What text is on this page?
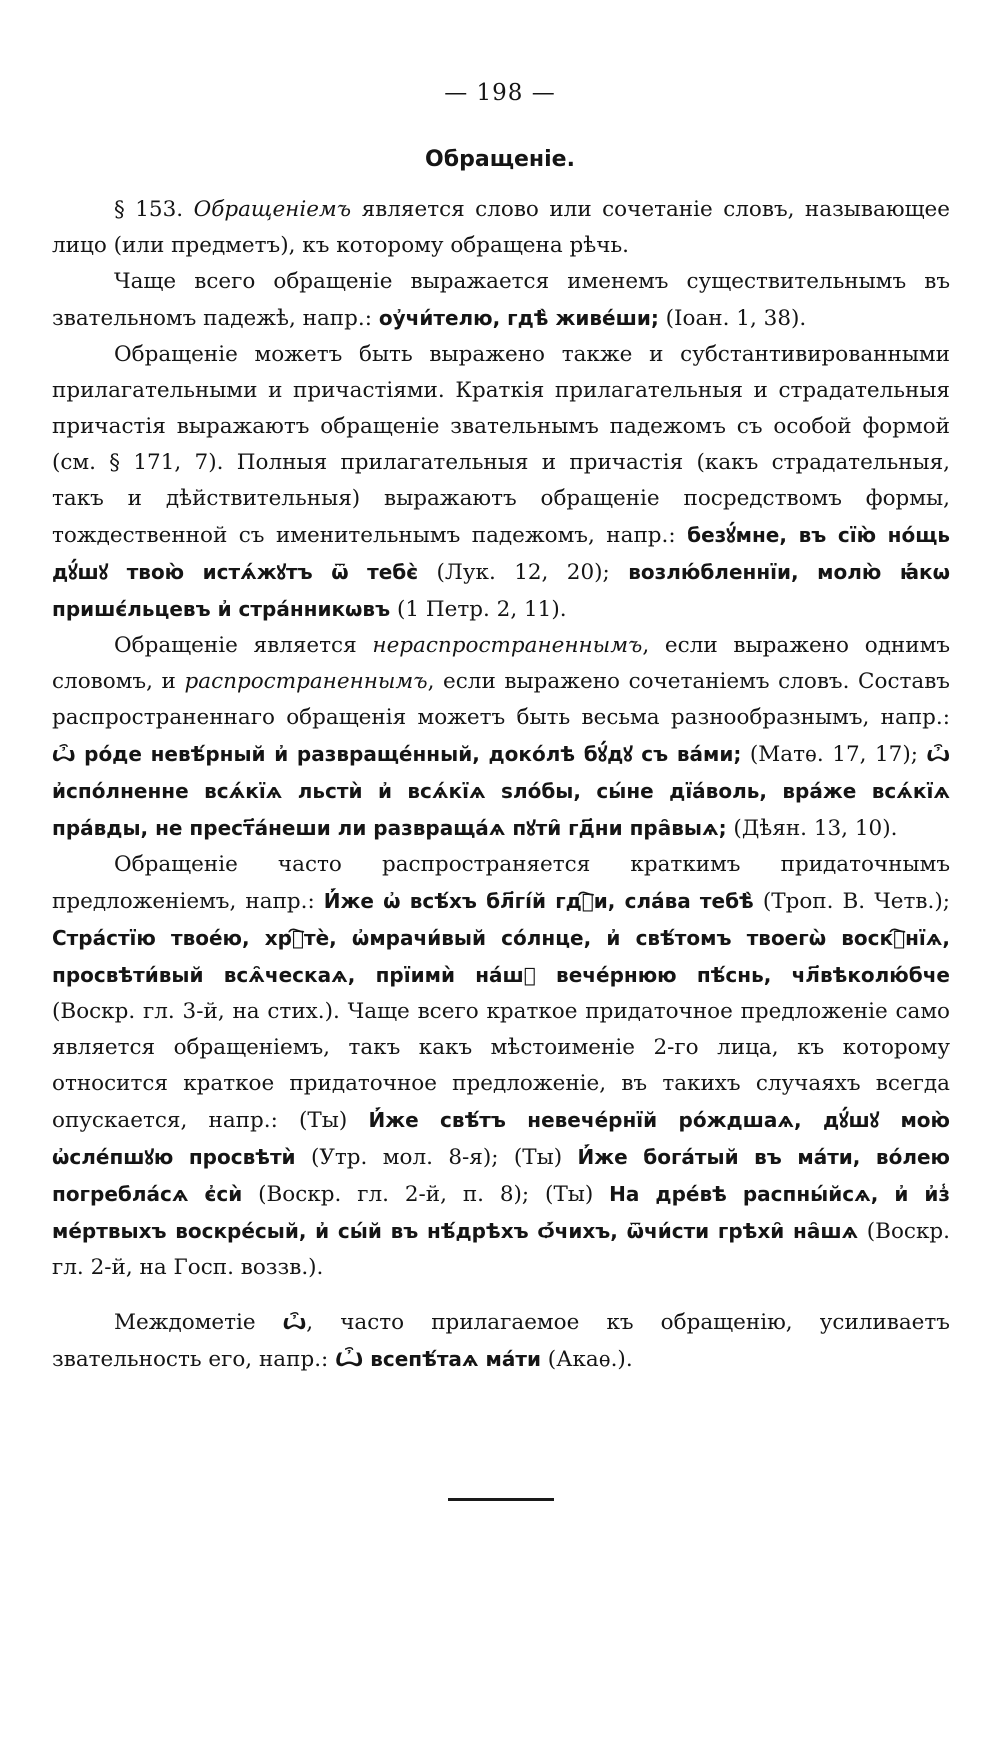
— 198 —
Обращеніе.

§ 153. Обращеніемъ является слово или сочетаніе словъ, называющее лицо (или предметъ), къ которому обращена рѣчь.

Чаще всего обращеніе выражается именемъ существительнымъ въ звательномъ падежѣ, напр.: оу҆чи́телю, гдѣ̀ живе́ши; (Іоан. 1, 38).

Обращеніе можетъ быть выражено также и субстантивированными прилагательными и причастіями. Краткія прилагательныя и страдательныя причастія выражаютъ обращеніе звательнымъ падежомъ съ особой формой (см. § 171, 7). Полныя прилагательныя и причастія (какъ страдательныя, такъ и дѣйствительныя) выражаютъ обращеніе посредствомъ формы, тождественной съ именительнымъ падежомъ, напр.: безꙋ́мне, въ сїю̀ но́щь дꙋ́шꙋ твою̀ истѧ́жꙋтъ ѿ тебє̀ (Лук. 12, 20); возлю́бленнїи, молю̀ ꙗ҆́кѡ пришє́льцевъ и҆ стра́нникѡвъ (1 Петр. 2, 11).

Обращеніе является нераспространеннымъ, если выражено однимъ словомъ, и распространеннымъ, если выражено сочетаніемъ словъ. Составъ распространеннаго обращенія можетъ быть весьма разнообразнымъ, напр.: ѽ ро́де невѣ́рный и҆ развраще́нный, доко́лѣ бꙋ́дꙋ съ ва́ми; (Матѳ. 17, 17); ѽ и҆спо́лненне всѧ́кїѧ льстѝ и҆ всѧ́кїѧ ѕло́бы, сы́не дїа́воль, вра́же всѧ́кїѧ пра́вды, не прест҃а́неши ли развраща́ѧ пꙋти̑ гд҃ни пра̑выѧ; (Дѣян. 13, 10).

Обращеніе часто распространяется краткимъ придаточнымъ предложеніемъ, напр.: И҆́же ѡ҆ всѣ́хъ бл҃гі́й гдⷭ҇и, сла́ва тебѣ̀ (Троп. В. Четв.); Стра́стїю твое́ю, хрⷭ҇тѐ, ѡ҆мрачи́вый со́лнце, и҆ свѣ́томъ твоегѡ̀ воскⷭ҇нїѧ, просвѣти́вый всѧ̑ческаѧ, прїимѝ на́шꙋ вече́рнюю пѣ́снь, чл҃вѣколю́бче (Воскр. гл. 3-й, на стих.). Чаще всего краткое придаточное предложеніе само является обращеніемъ, такъ какъ мѣстоименіе 2-го лица, къ которому относится краткое придаточное предложеніе, въ такихъ случаяхъ всегда опускается, напр.: (Ты) И҆́же свѣ́тъ невече́рнїй ро́ждшаѧ, дꙋ́шꙋ мою̀ ѡ҆сле́пшꙋю просвѣтѝ (Утр. мол. 8-я); (Ты) И҆́же бога́тый въ ма́ти, во́лею погребла́сѧ є҆сѝ (Воскр. гл. 2-й, п. 8); (Ты) На дре́вѣ распны́йсѧ, и҆ и҆з̾ ме́ртвыхъ воскре́сый, и҆ сы́й въ нѣ́дрѣхъ ѻ҆́чихъ, ѿчи́сти грѣхи̑ на̑шѧ (Воскр. гл. 2-й, на Госп. воззв.).

Междометіе ѽ, часто прилагаемое къ обращенію, усиливаетъ звательность его, напр.: Ѽ всепѣ́таѧ ма́ти (Акаѳ.).
